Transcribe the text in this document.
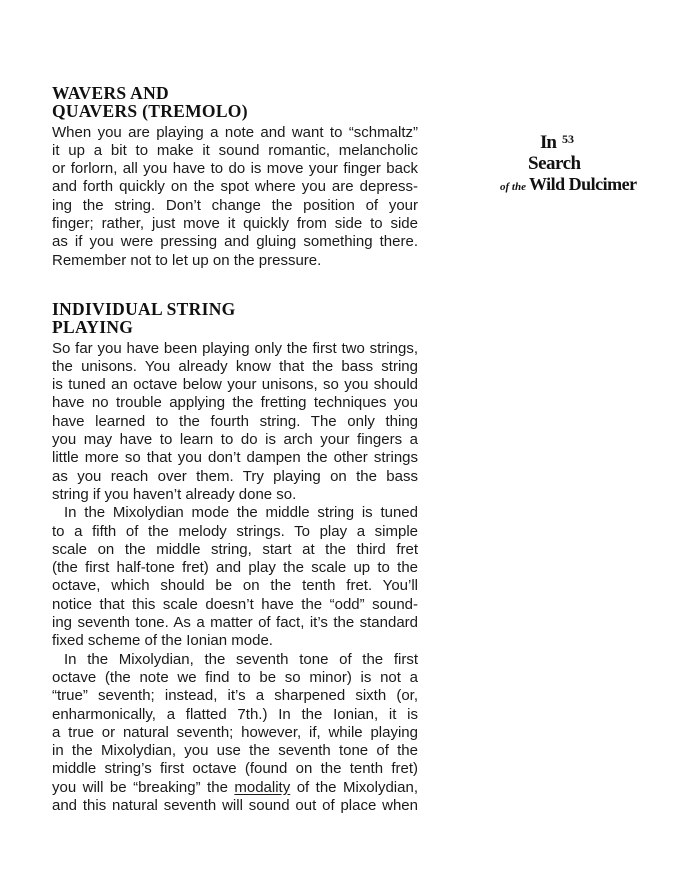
In $^{53}$
Search
of the Wild Dulcimer
WAVERS AND
QUAVERS (TREMOLO)
When you are playing a note and want to “schmaltz”
it up a bit to make it sound romantic, melancholic
or forlorn, all you have to do is move your finger back
and forth quickly on the spot where you are depress-
ing the string. Don’t change the position of your
finger; rather, just move it quickly from side to side
as if you were pressing and gluing something there.
Remember not to let up on the pressure.
INDIVIDUAL STRING
PLAYING
So far you have been playing only the first two strings,
the unisons. You already know that the bass string
is tuned an octave below your unisons, so you should
have no trouble applying the fretting techniques you
have learned to the fourth string. The only thing
you may have to learn to do is arch your fingers a
little more so that you don’t dampen the other strings
as you reach over them. Try playing on the bass
string if you haven’t already done so.
In the Mixolydian mode the middle string is tuned
to a fifth of the melody strings. To play a simple
scale on the middle string, start at the third fret
(the first half-tone fret) and play the scale up to the
octave, which should be on the tenth fret. You’ll
notice that this scale doesn’t have the “odd” sound-
ing seventh tone. As a matter of fact, it’s the standard
fixed scheme of the Ionian mode.
In the Mixolydian, the seventh tone of the first
octave (the note we find to be so minor) is not a
“true” seventh; instead, it’s a sharpened sixth (or,
enharmonically, a flatted 7th.) In the Ionian, it is
a true or natural seventh; however, if, while playing
in the Mixolydian, you use the seventh tone of the
middle string’s first octave (found on the tenth fret)
you will be “breaking” the modality of the Mixolydian,
and this natural seventh will sound out of place when
